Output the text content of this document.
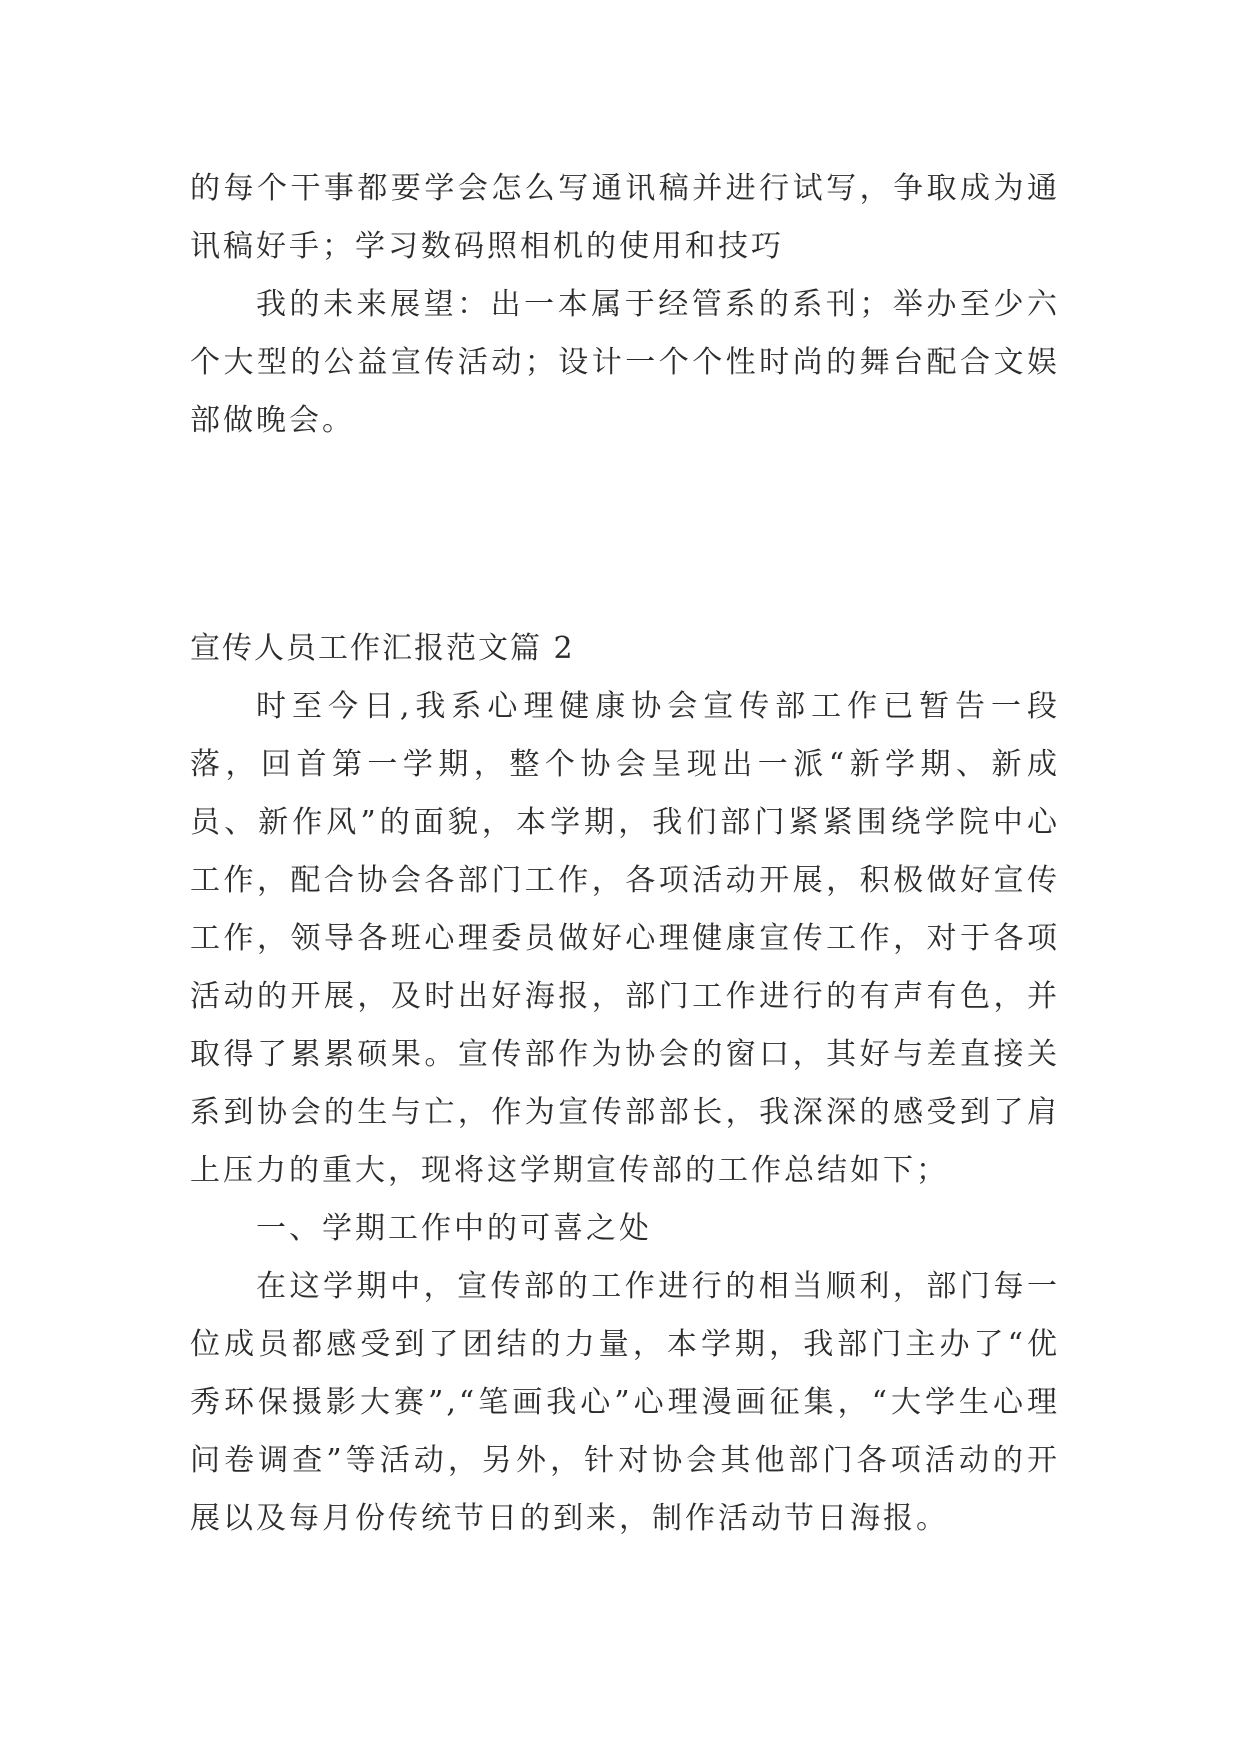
的每个干事都要学会怎么写通讯稿并进行试写，争取成为通讯稿好手；学习数码照相机的使用和技巧

我的未来展望：出一本属于经管系的系刊；举办至少六个大型的公益宣传活动；设计一个个性时尚的舞台配合文娱部做晚会。

宣传人员工作汇报范文篇 2

时至今日,我系心理健康协会宣传部工作已暂告一段落，回首第一学期，整个协会呈现出一派“新学期、新成员、新作风”的面貌，本学期，我们部门紧紧围绕学院中心工作，配合协会各部门工作，各项活动开展，积极做好宣传工作，领导各班心理委员做好心理健康宣传工作，对于各项活动的开展，及时出好海报，部门工作进行的有声有色，并取得了累累硕果。宣传部作为协会的窗口，其好与差直接关系到协会的生与亡，作为宣传部部长，我深深的感受到了肩上压力的重大，现将这学期宣传部的工作总结如下；

一、学期工作中的可喜之处

在这学期中，宣传部的工作进行的相当顺利，部门每一位成员都感受到了团结的力量，本学期，我部门主办了“优秀环保摄影大赛”,“笔画我心”心理漫画征集，“大学生心理问卷调查”等活动，另外，针对协会其他部门各项活动的开展以及每月份传统节日的到来，制作活动节日海报。
